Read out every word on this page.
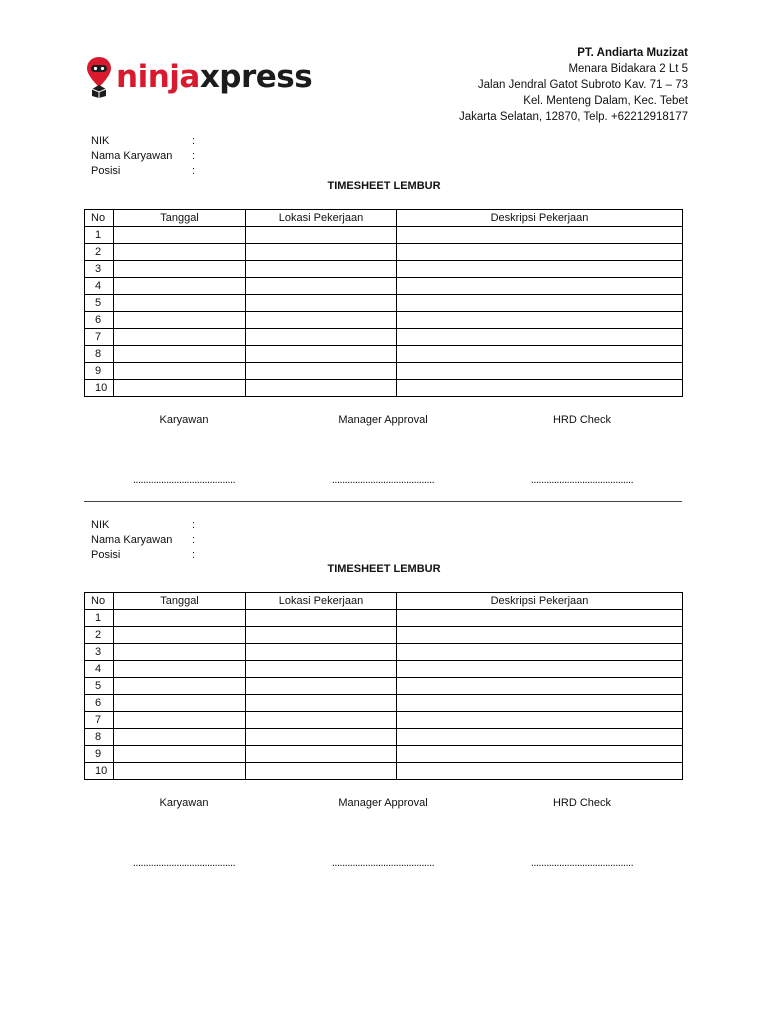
ninjaxpress
PT. Andiarta Muzizat
Menara Bidakara 2 Lt 5
Jalan Jendral Gatot Subroto Kav. 71 – 73
Kel. Menteng Dalam, Kec. Tebet
Jakarta Selatan, 12870, Telp. +62212918177
NIK	:
Nama Karyawan	:
Posisi	:
TIMESHEET LEMBUR
No	Tanggal	Lokasi Pekerjaan	Deskripsi Pekerjaan
1			
2			
3			
4			
5			
6			
7			
8			
9			
10			
Karyawan	Manager Approval	HRD Check
........................................	........................................	........................................
NIK	:
Nama Karyawan	:
Posisi	:
TIMESHEET LEMBUR
No	Tanggal	Lokasi Pekerjaan	Deskripsi Pekerjaan
1			
2			
3			
4			
5			
6			
7			
8			
9			
10			
Karyawan	Manager Approval	HRD Check
........................................	........................................	........................................
